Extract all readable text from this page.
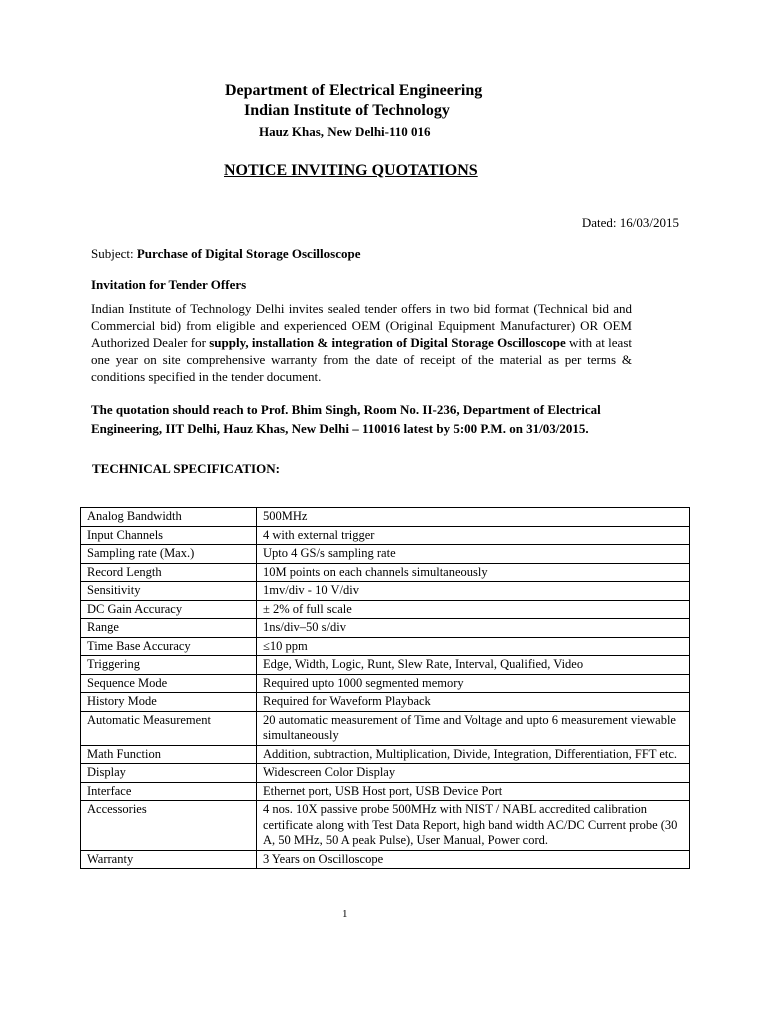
Department of Electrical Engineering
Indian Institute of Technology
Hauz Khas, New Delhi-110 016
NOTICE INVITING QUOTATIONS
Dated: 16/03/2015
Subject: Purchase of Digital Storage Oscilloscope
Invitation for Tender Offers
Indian Institute of Technology Delhi invites sealed tender offers in two bid format (Technical bid and Commercial bid) from eligible and experienced OEM (Original Equipment Manufacturer) OR OEM Authorized Dealer for supply, installation & integration of Digital Storage Oscilloscope with at least one year on site comprehensive warranty from the date of receipt of the material as per terms & conditions specified in the tender document.
The quotation should reach to Prof. Bhim Singh, Room No. II-236, Department of Electrical Engineering, IIT Delhi, Hauz Khas, New Delhi – 110016 latest by 5:00 P.M. on 31/03/2015.
TECHNICAL SPECIFICATION:
Analog Bandwidth	500MHz
Input Channels	4 with external trigger
Sampling rate (Max.)	Upto 4 GS/s sampling rate
Record Length	10M points on each channels simultaneously
Sensitivity	1mv/div - 10 V/div
DC Gain Accuracy	± 2% of full scale
Range	1ns/div–50 s/div
Time Base Accuracy	≤10 ppm
Triggering	Edge, Width, Logic, Runt, Slew Rate, Interval, Qualified, Video
Sequence Mode	Required upto 1000 segmented memory
History Mode	Required for Waveform Playback
Automatic Measurement	20 automatic measurement of Time and Voltage and upto 6 measurement viewable simultaneously
Math Function	Addition, subtraction, Multiplication, Divide, Integration, Differentiation, FFT etc.
Display	Widescreen Color Display
Interface	Ethernet port, USB Host port, USB Device Port
Accessories	4 nos. 10X passive probe 500MHz with NIST / NABL accredited calibration certificate along with Test Data Report, high band width AC/DC Current probe (30 A, 50 MHz, 50 A peak Pulse), User Manual, Power cord.
Warranty	3 Years on Oscilloscope
1
